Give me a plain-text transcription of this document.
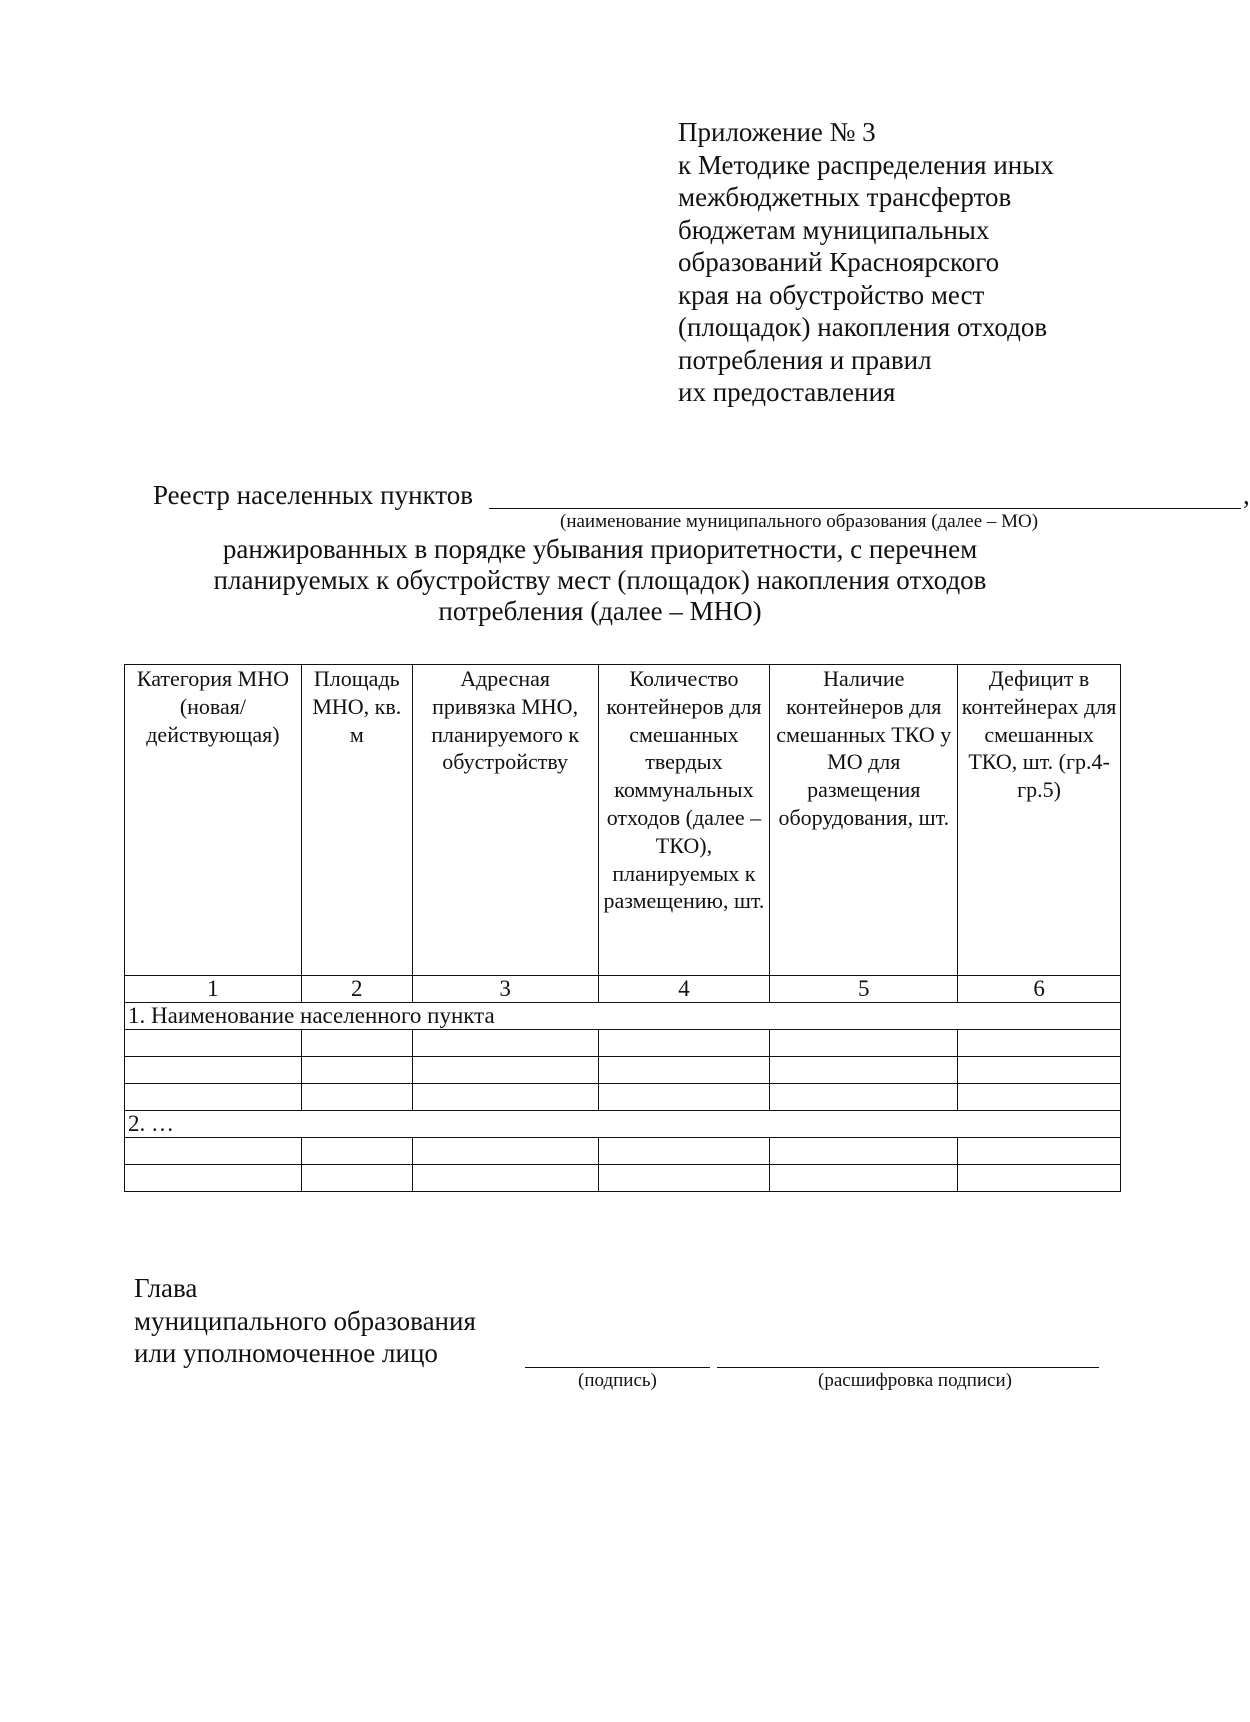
Приложение № 3
к Методике распределения иных
межбюджетных трансфертов
бюджетам муниципальных
образований Красноярского
края на обустройство мест
(площадок) накопления отходов
потребления и правил
их предоставления
Реестр населенных пунктов	,
(наименование муниципального образования (далее – МО)
ранжированных в порядке убывания приоритетности, с перечнем
планируемых к обустройству мест (площадок) накопления отходов
потребления (далее – МНО)
Категория МНО (новая/ действующая)	Площадь МНО, кв. м	Адресная привязка МНО, планируемого к обустройству	Количество контейнеров для смешанных твердых коммунальных отходов (далее – ТКО), планируемых к размещению, шт.	Наличие контейнеров для смешанных ТКО у МО для размещения оборудования, шт.	Дефицит в контейнерах для смешанных ТКО, шт. (гр.4-гр.5)
1	2	3	4	5	6
1. Наименование населенного пункта					

2. …					

Глава
муниципального образования
или уполномоченное лицо
(подпись)	(расшифровка подписи)
